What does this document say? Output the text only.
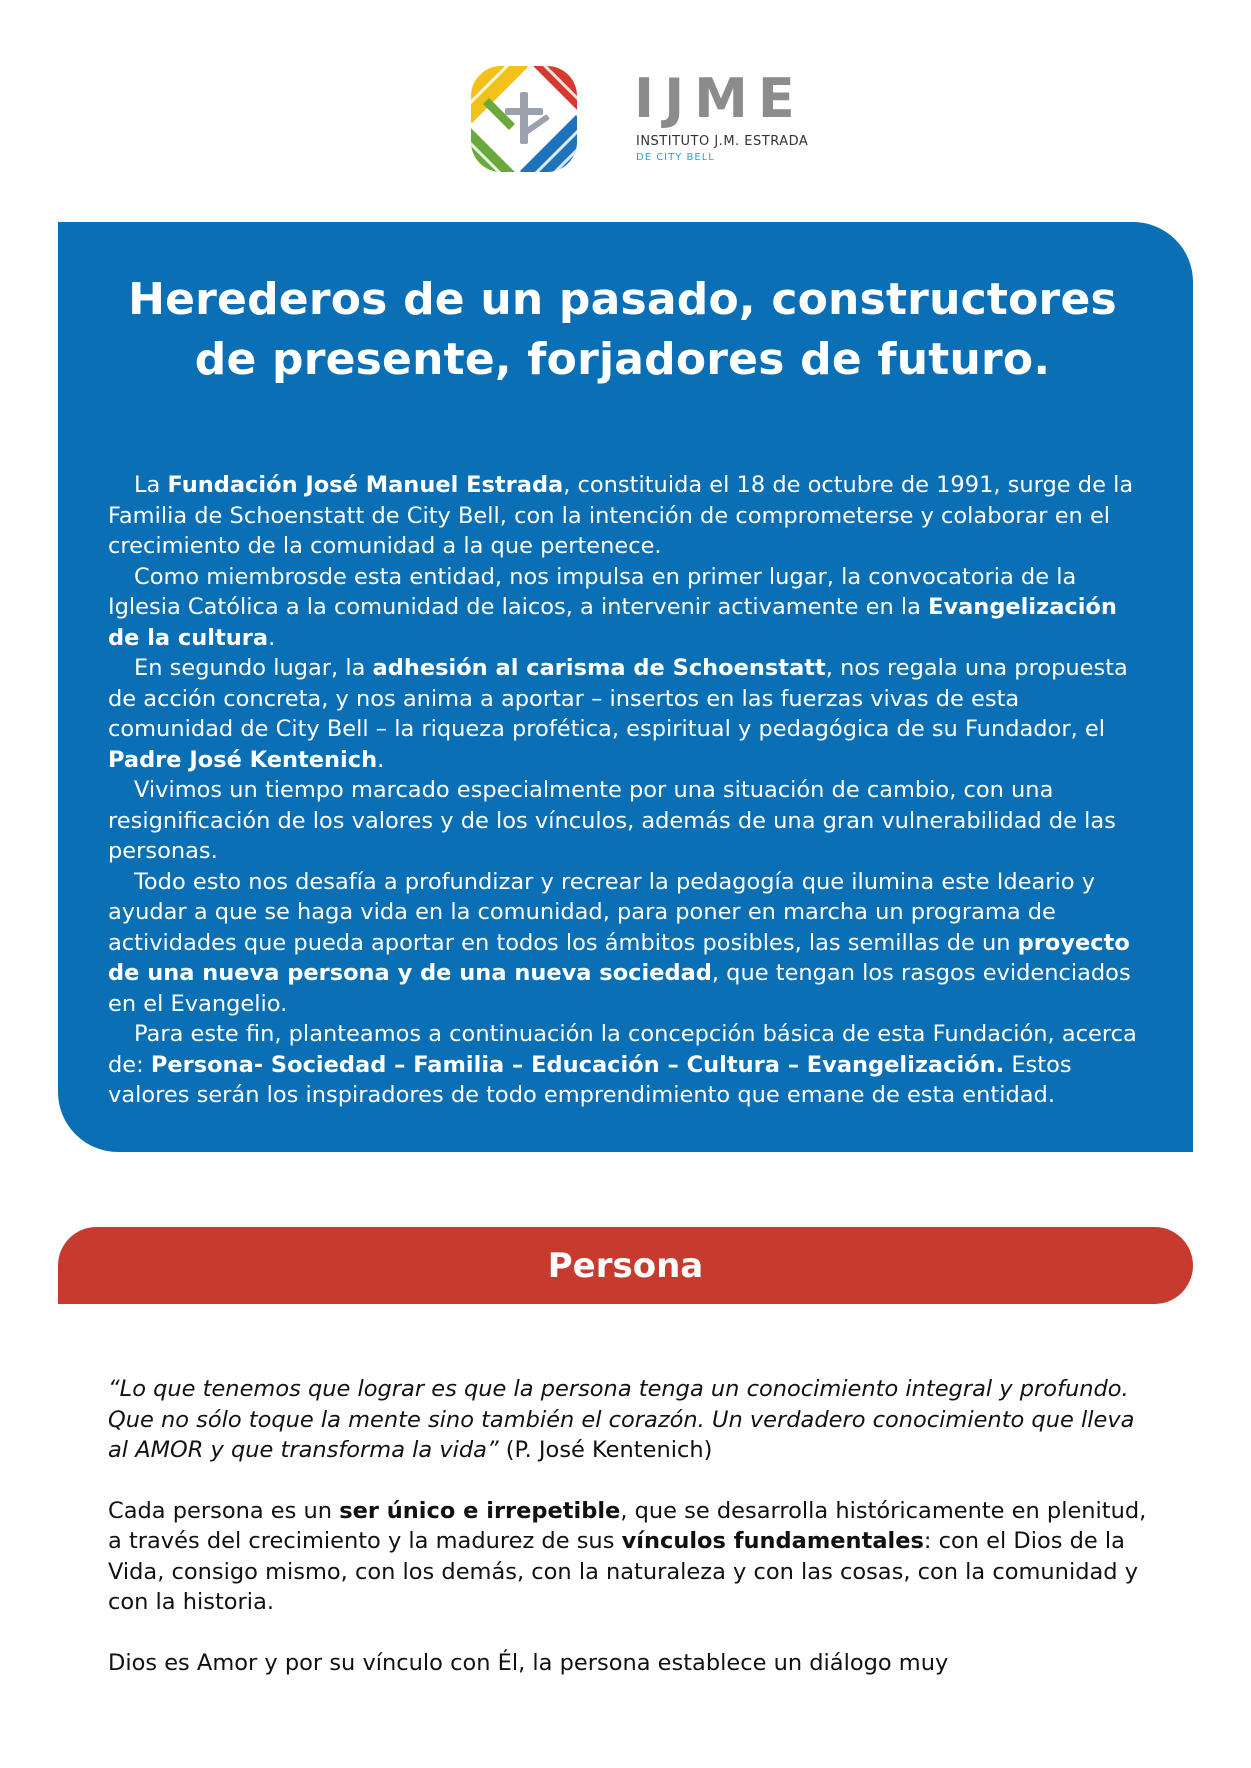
IJME
INSTITUTO J.M. ESTRADA
DE CITY BELL
Herederos de un pasado, constructores
de presente, forjadores de futuro.

La Fundación José Manuel Estrada, constituida el 18 de octubre de 1991, surge de la Familia de Schoenstatt de City Bell, con la intención de comprometerse y colaborar en el crecimiento de la comunidad a la que pertenece.

Como miembrosde esta entidad, nos impulsa en primer lugar, la convocatoria de la Iglesia Católica a la comunidad de laicos, a intervenir activamente en la Evangelización de la cultura.

En segundo lugar, la adhesión al carisma de Schoenstatt, nos regala una propuesta de acción concreta, y nos anima a aportar – insertos en las fuerzas vivas de esta comunidad de City Bell – la riqueza profética, espiritual y pedagógica de su Fundador, el Padre José Kentenich.

Vivimos un tiempo marcado especialmente por una situación de cambio, con una resignificación de los valores y de los vínculos, además de una gran vulnerabilidad de las personas.

Todo esto nos desafía a profundizar y recrear la pedagogía que ilumina este Ideario y ayudar a que se haga vida en la comunidad, para poner en marcha un programa de actividades que pueda aportar en todos los ámbitos posibles, las semillas de un proyecto de una nueva persona y de una nueva sociedad, que tengan los rasgos evidenciados en el Evangelio.

Para este fin, planteamos a continuación la concepción básica de esta Fundación, acerca de: Persona- Sociedad – Familia – Educación – Cultura – Evangelización. Estos valores serán los inspiradores de todo emprendimiento que emane de esta entidad.

Persona

“Lo que tenemos que lograr es que la persona tenga un conocimiento integral y profundo. Que no sólo toque la mente sino también el corazón. Un verdadero conocimiento que lleva al AMOR y que transforma la vida” (P. José Kentenich)

Cada persona es un ser único e irrepetible, que se desarrolla históricamente en plenitud, a través del crecimiento y la madurez de sus vínculos fundamentales: con el Dios de la Vida, consigo mismo, con los demás, con la naturaleza y con las cosas, con la comunidad y con la historia.

Dios es Amor y por su vínculo con Él, la persona establece un diálogo muy
